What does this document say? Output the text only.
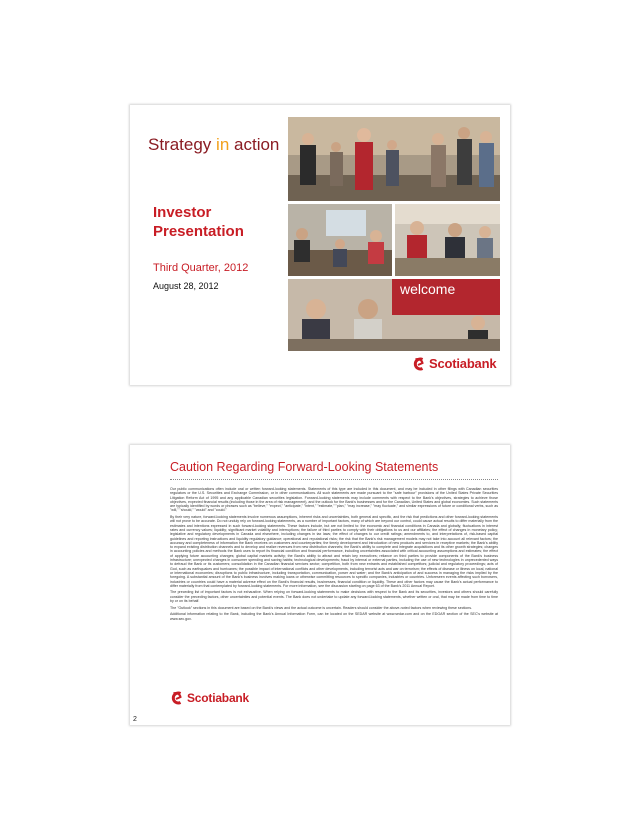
Strategy in action
welcome
Investor
Presentation
Third Quarter, 2012
August 28, 2012
Scotiabank
Caution Regarding Forward-Looking Statements

Our public communications often include oral or written forward-looking statements. Statements of this type are included in this document, and may be included in other filings with Canadian securities regulators or the U.S. Securities and Exchange Commission, or in other communications. All such statements are made pursuant to the "safe harbour" provisions of the United States Private Securities Litigation Reform Act of 1995 and any applicable Canadian securities legislation. Forward-looking statements may include comments with respect to the Bank's objectives, strategies to achieve those objectives, expected financial results (including those in the area of risk management), and the outlook for the Bank's businesses and for the Canadian, United States and global economies. Such statements are typically identified by words or phrases such as "believe," "expect," "anticipate," "intent," "estimate," "plan," "may increase," "may fluctuate," and similar expressions of future or conditional verbs, such as "will," "should," "would" and "could."

By their very nature, forward-looking statements involve numerous assumptions, inherent risks and uncertainties, both general and specific, and the risk that predictions and other forward-looking statements will not prove to be accurate. Do not unduly rely on forward-looking statements, as a number of important factors, many of which are beyond our control, could cause actual results to differ materially from the estimates and intentions expressed in such forward-looking statements. These factors include, but are not limited to: the economic and financial conditions in Canada and globally; fluctuations in interest rates and currency values; liquidity; significant market volatility and interruptions; the failure of third parties to comply with their obligations to us and our affiliates; the effect of changes in monetary policy; legislative and regulatory developments in Canada and elsewhere, including changes in tax laws; the effect of changes to our credit ratings; amendments to, and interpretations of, risk-based capital guidelines and reporting instructions and liquidity regulatory guidance; operational and reputational risks; the risk that the Bank's risk management models may not take into account all relevant factors; the accuracy and completeness of information the Bank receives on customers and counterparties; the timely development and introduction of new products and services in receptive markets; the Bank's ability to expand existing distribution channels and to develop and realize revenues from new distribution channels; the Bank's ability to complete and integrate acquisitions and its other growth strategies; changes in accounting policies and methods the Bank uses to report its financial condition and financial performance, including uncertainties associated with critical accounting assumptions and estimates; the effect of applying future accounting changes; global capital markets activity; the Bank's ability to attract and retain key executives; reliance on third parties to provide components of the Bank's business infrastructure; unexpected changes in consumer spending and saving habits; technological developments; fraud by internal or external parties, including the use of new technologies in unprecedented ways to defraud the Bank or its customers; consolidation in the Canadian financial services sector; competition, both from new entrants and established competitors; judicial and regulatory proceedings; acts of God, such as earthquakes and hurricanes; the possible impact of international conflicts and other developments, including terrorist acts and war on terrorism; the effects of disease or illness on local, national or international economies; disruptions to public infrastructure, including transportation, communication, power and water; and the Bank's anticipation of and success in managing the risks implied by the foregoing. A substantial amount of the Bank's business involves making loans or otherwise committing resources to specific companies, industries or countries. Unforeseen events affecting such borrowers, industries or countries could have a material adverse effect on the Bank's financial results, businesses, financial condition or liquidity. These and other factors may cause the Bank's actual performance to differ materially from that contemplated by forward-looking statements. For more information, see the discussion starting on page 63 of the Bank's 2011 Annual Report.

The preceding list of important factors is not exhaustive. When relying on forward-looking statements to make decisions with respect to the Bank and its securities, investors and others should carefully consider the preceding factors, other uncertainties and potential events. The Bank does not undertake to update any forward-looking statements, whether written or oral, that may be made from time to time by or on its behalf.

The "Outlook" sections in this document are based on the Bank's views and the actual outcome is uncertain. Readers should consider the above-noted factors when reviewing these sections.

Additional information relating to the Bank, including the Bank's Annual Information Form, can be located on the SEDAR website at www.sedar.com and on the EDGAR section of the SEC's website at www.sec.gov.

Scotiabank
2
